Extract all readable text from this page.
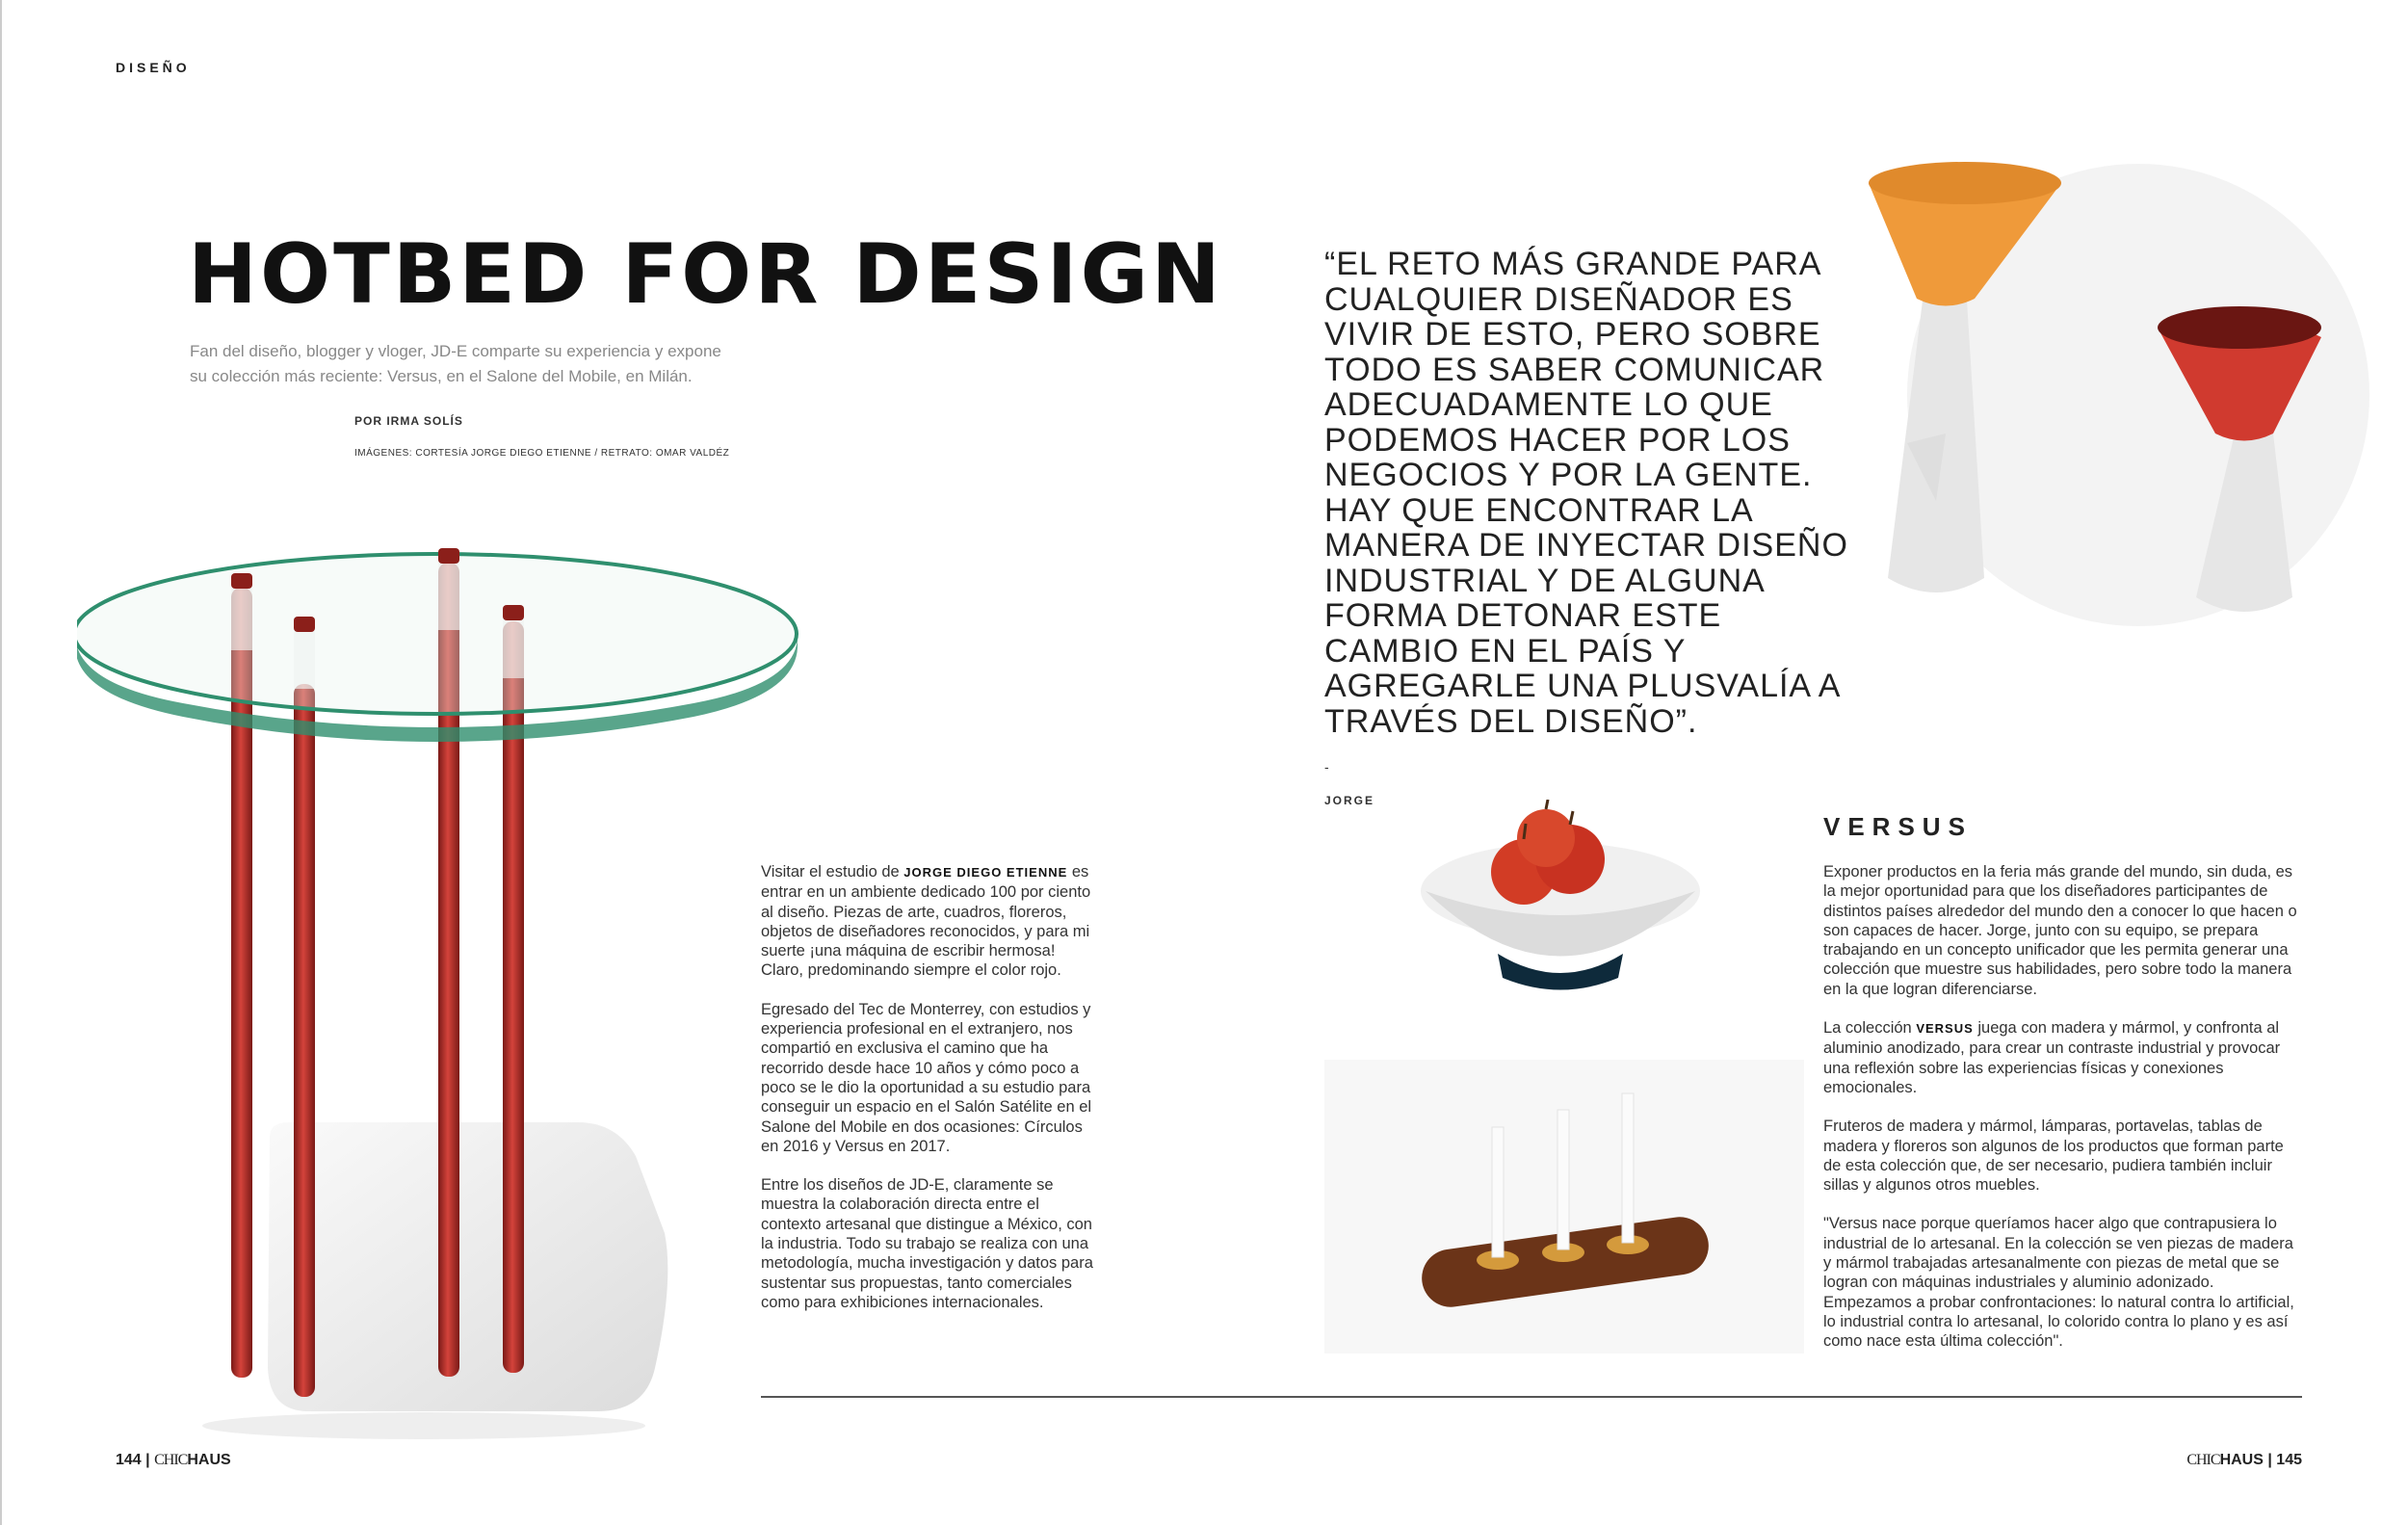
DISEÑO
HOTBED FOR DESIGN
Fan del diseño, blogger y vloger, JD-E comparte su experiencia y expone su colección más reciente: Versus, en el Salone del Mobile, en Milán.
POR IRMA SOLÍS
IMÁGENES: CORTESÍA JORGE DIEGO ETIENNE / RETRATO: OMAR VALDÉZ
“EL RETO MÁS GRANDE PARA CUALQUIER DISEÑADOR ES VIVIR DE ESTO, PERO SOBRE TODO ES SABER COMUNICAR ADECUADAMENTE LO QUE PODEMOS HACER POR LOS NEGOCIOS Y POR LA GENTE. HAY QUE ENCONTRAR LA MANERA DE INYECTAR DISEÑO INDUSTRIAL Y DE ALGUNA FORMA DETONAR ESTE CAMBIO EN EL PAÍS Y AGREGARLE UNA PLUSVALÍA A TRAVÉS DEL DISEÑO”.
-
JORGE

Visitar el estudio de JORGE DIEGO ETIENNE es entrar en un ambiente dedicado 100 por ciento al diseño. Piezas de arte, cuadros, floreros, objetos de diseñadores reconocidos, y para mi suerte ¡una máquina de escribir hermosa! Claro, predominando siempre el color rojo.

Egresado del Tec de Monterrey, con estudios y experiencia profesional en el extranjero, nos compartió en exclusiva el camino que ha recorrido desde hace 10 años y cómo poco a poco se le dio la oportunidad a su estudio para conseguir un espacio en el Salón Satélite en el Salone del Mobile en dos ocasiones: Círculos en 2016 y Versus en 2017.

Entre los diseños de JD-E, claramente se muestra la colaboración directa entre el contexto artesanal que distingue a México, con la industria. Todo su trabajo se realiza con una metodología, mucha investigación y datos para sustentar sus propuestas, tanto comerciales como para exhibiciones internacionales.

VERSUS

Exponer productos en la feria más grande del mundo, sin duda, es la mejor oportunidad para que los diseñadores participantes de distintos países alrededor del mundo den a conocer lo que hacen o son capaces de hacer. Jorge, junto con su equipo, se prepara trabajando en un concepto unificador que les permita generar una colección que muestre sus habilidades, pero sobre todo la manera en la que logran diferenciarse.

La colección VERSUS juega con madera y mármol, y confronta al aluminio anodizado, para crear un contraste industrial y provocar una reflexión sobre las experiencias físicas y conexiones emocionales.

Fruteros de madera y mármol, lámparas, portavelas, tablas de madera y floreros son algunos de los productos que forman parte de esta colección que, de ser necesario, pudiera también incluir sillas y algunos otros muebles.

"Versus nace porque queríamos hacer algo que contrapusiera lo industrial de lo artesanal. En la colección se ven piezas de madera y mármol trabajadas artesanalmente con piezas de metal que se logran con máquinas industriales y aluminio adonizado. Empezamos a probar confrontaciones: lo natural contra lo artificial, lo industrial contra lo artesanal, lo colorido contra lo plano y es así como nace esta última colección".

144 | CHICHAUS	CHICHAUS | 145
